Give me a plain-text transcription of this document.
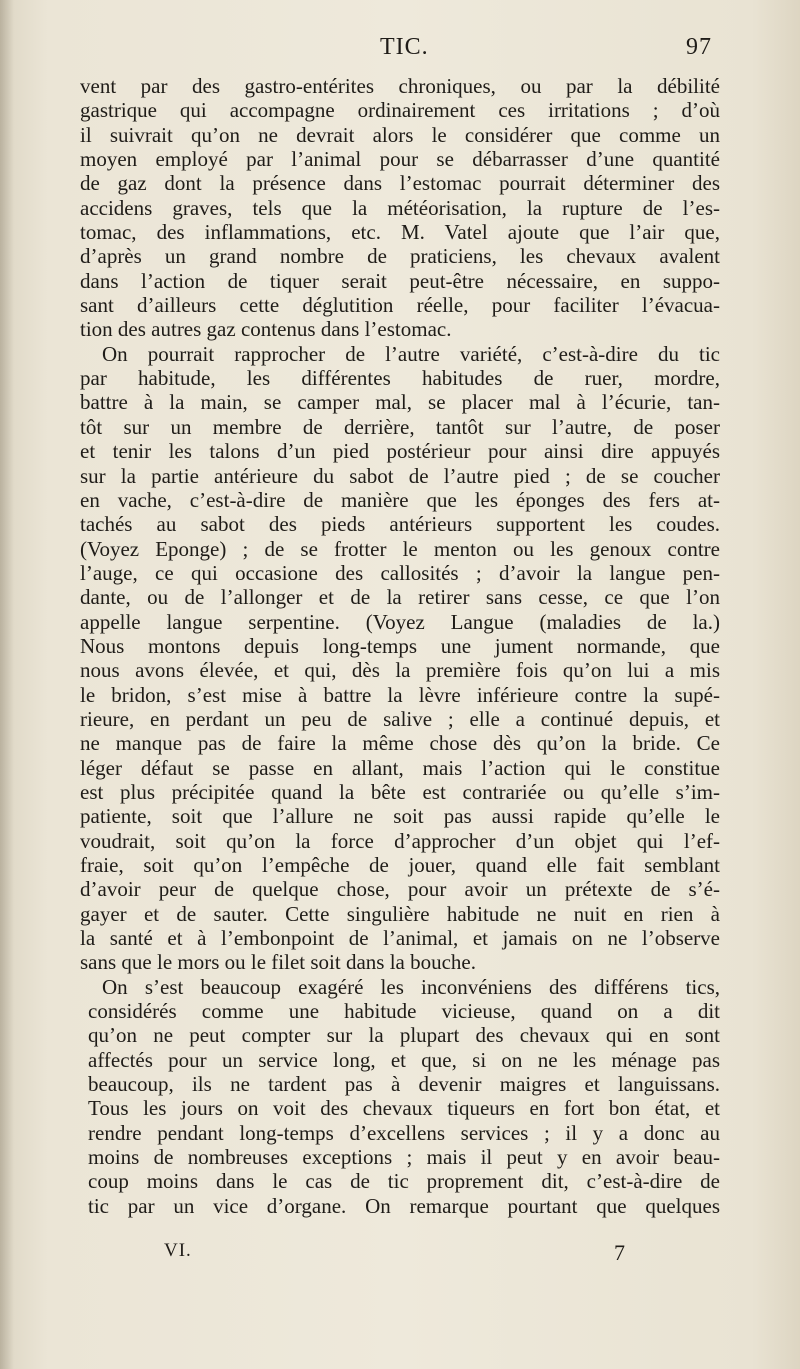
TIC.	97
vent par des gastro-entérites chroniques, ou par la débilité
gastrique qui accompagne ordinairement ces irritations ; d’où
il suivrait qu’on ne devrait alors le considérer que comme un
moyen employé par l’animal pour se débarrasser d’une quantité
de gaz dont la présence dans l’estomac pourrait déterminer des
accidens graves, tels que la météorisation, la rupture de l’es-
tomac, des inflammations, etc. M. Vatel ajoute que l’air que,
d’après un grand nombre de praticiens, les chevaux avalent
dans l’action de tiquer serait peut-être nécessaire, en suppo-
sant d’ailleurs cette déglutition réelle, pour faciliter l’évacua-
tion des autres gaz contenus dans l’estomac.
On pourrait rapprocher de l’autre variété, c’est-à-dire du tic
par habitude, les différentes habitudes de ruer, mordre,
battre à la main, se camper mal, se placer mal à l’écurie, tan-
tôt sur un membre de derrière, tantôt sur l’autre, de poser
et tenir les talons d’un pied postérieur pour ainsi dire appuyés
sur la partie antérieure du sabot de l’autre pied ; de se coucher
en vache, c’est-à-dire de manière que les éponges des fers at-
tachés au sabot des pieds antérieurs supportent les coudes.
(Voyez Eponge) ; de se frotter le menton ou les genoux contre
l’auge, ce qui occasione des callosités ; d’avoir la langue pen-
dante, ou de l’allonger et de la retirer sans cesse, ce que l’on
appelle langue serpentine. (Voyez Langue (maladies de la.)
Nous montons depuis long-temps une jument normande, que
nous avons élevée, et qui, dès la première fois qu’on lui a mis
le bridon, s’est mise à battre la lèvre inférieure contre la supé-
rieure, en perdant un peu de salive ; elle a continué depuis, et
ne manque pas de faire la même chose dès qu’on la bride. Ce
léger défaut se passe en allant, mais l’action qui le constitue
est plus précipitée quand la bête est contrariée ou qu’elle s’im-
patiente, soit que l’allure ne soit pas aussi rapide qu’elle le
voudrait, soit qu’on la force d’approcher d’un objet qui l’ef-
fraie, soit qu’on l’empêche de jouer, quand elle fait semblant
d’avoir peur de quelque chose, pour avoir un prétexte de s’é-
gayer et de sauter. Cette singulière habitude ne nuit en rien à
la santé et à l’embonpoint de l’animal, et jamais on ne l’observe
sans que le mors ou le filet soit dans la bouche.
On s’est beaucoup exagéré les inconvéniens des différens tics,
considérés comme une habitude vicieuse, quand on a dit
qu’on ne peut compter sur la plupart des chevaux qui en sont
affectés pour un service long, et que, si on ne les ménage pas
beaucoup, ils ne tardent pas à devenir maigres et languissans.
Tous les jours on voit des chevaux tiqueurs en fort bon état, et
rendre pendant long-temps d’excellens services ; il y a donc au
moins de nombreuses exceptions ; mais il peut y en avoir beau-
coup moins dans le cas de tic proprement dit, c’est-à-dire de
tic par un vice d’organe. On remarque pourtant que quelques
VI.	7
